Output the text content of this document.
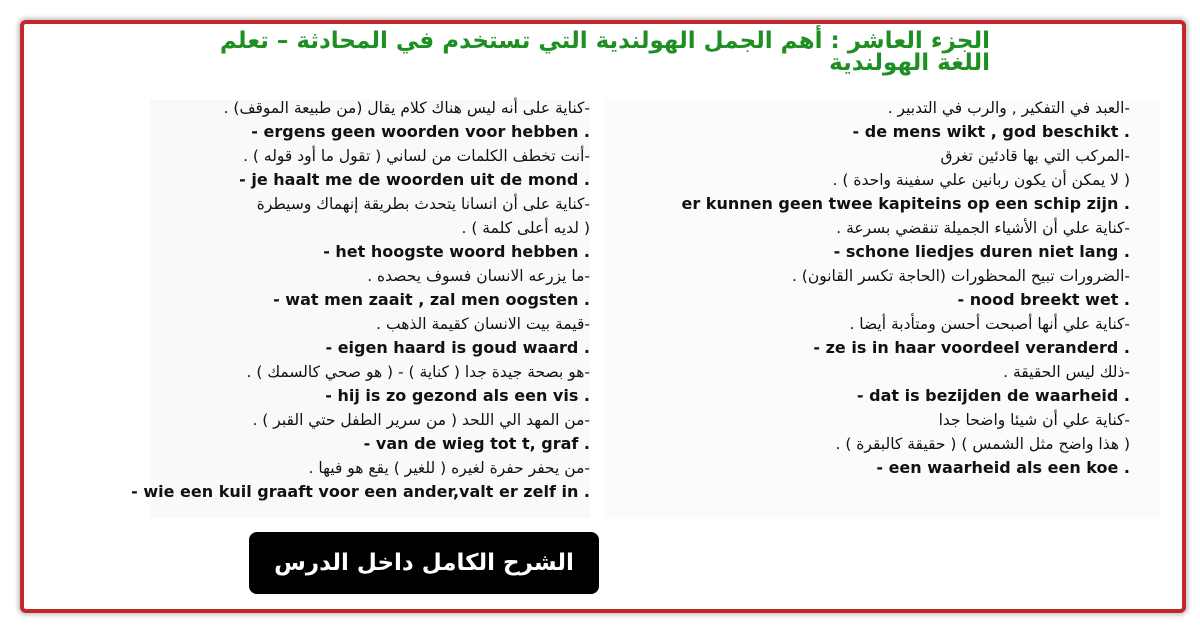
الجزء العاشر : أهم الجمل الهولندية التي تستخدم في المحادثة – تعلم اللغة الهولندية
-العبد في التفكير , والرب في التدبير .
- de mens wikt , god beschikt .
-المركب التي بها قادئين تغرق
( لا يمكن أن يكون ربانين علي سفينة واحدة ) .
er kunnen geen twee kapiteins op een schip zijn .
-كناية علي أن الأشياء الجميلة تنقضي بسرعة .
- schone liedjes duren niet lang .
-الضرورات تبيح المحظورات (الحاجة تكسر القانون) .
- nood breekt wet .
-كناية علي أنها أصبحت أحسن ومتأدبة أيضا .
- ze is in haar voordeel veranderd .
-ذلك ليس الحقيقة .
- dat is bezijden de waarheid .
-كناية علي أن شيئا واضحا جدا
( هذا واضح مثل الشمس ) ( حقيقة كالبقرة ) .
- een waarheid als een koe .
-كناية على أنه ليس هناك كلام يقال (من طبيعة الموقف) .
- ergens geen woorden voor hebben .
-أنت تخطف الكلمات من لساني ( تقول ما أود قوله ) .
- je haalt me de woorden uit de mond .
-كناية على أن انسانا يتحدث بطريقة إنهماك وسيطرة
( لديه أعلى كلمة ) .
- het hoogste woord hebben .
-ما يزرعه الانسان فسوف يحصده .
- wat men zaait , zal men oogsten .
-قيمة بيت الانسان كقيمة الذهب .
- eigen haard is goud waard .
-هو بصحة جيدة جدا ( كناية ) - ( هو صحي كالسمك ) .
- hij is zo gezond als een vis .
-من المهد الي اللحد ( من سرير الطفل حتي القبر ) .
- van de wieg tot t, graf .
-من يحفر حفرة لغيره ( للغير ) يقع هو فيها .
- wie een kuil graaft voor een ander,valt er zelf in .
الشرح الكامل داخل الدرس
